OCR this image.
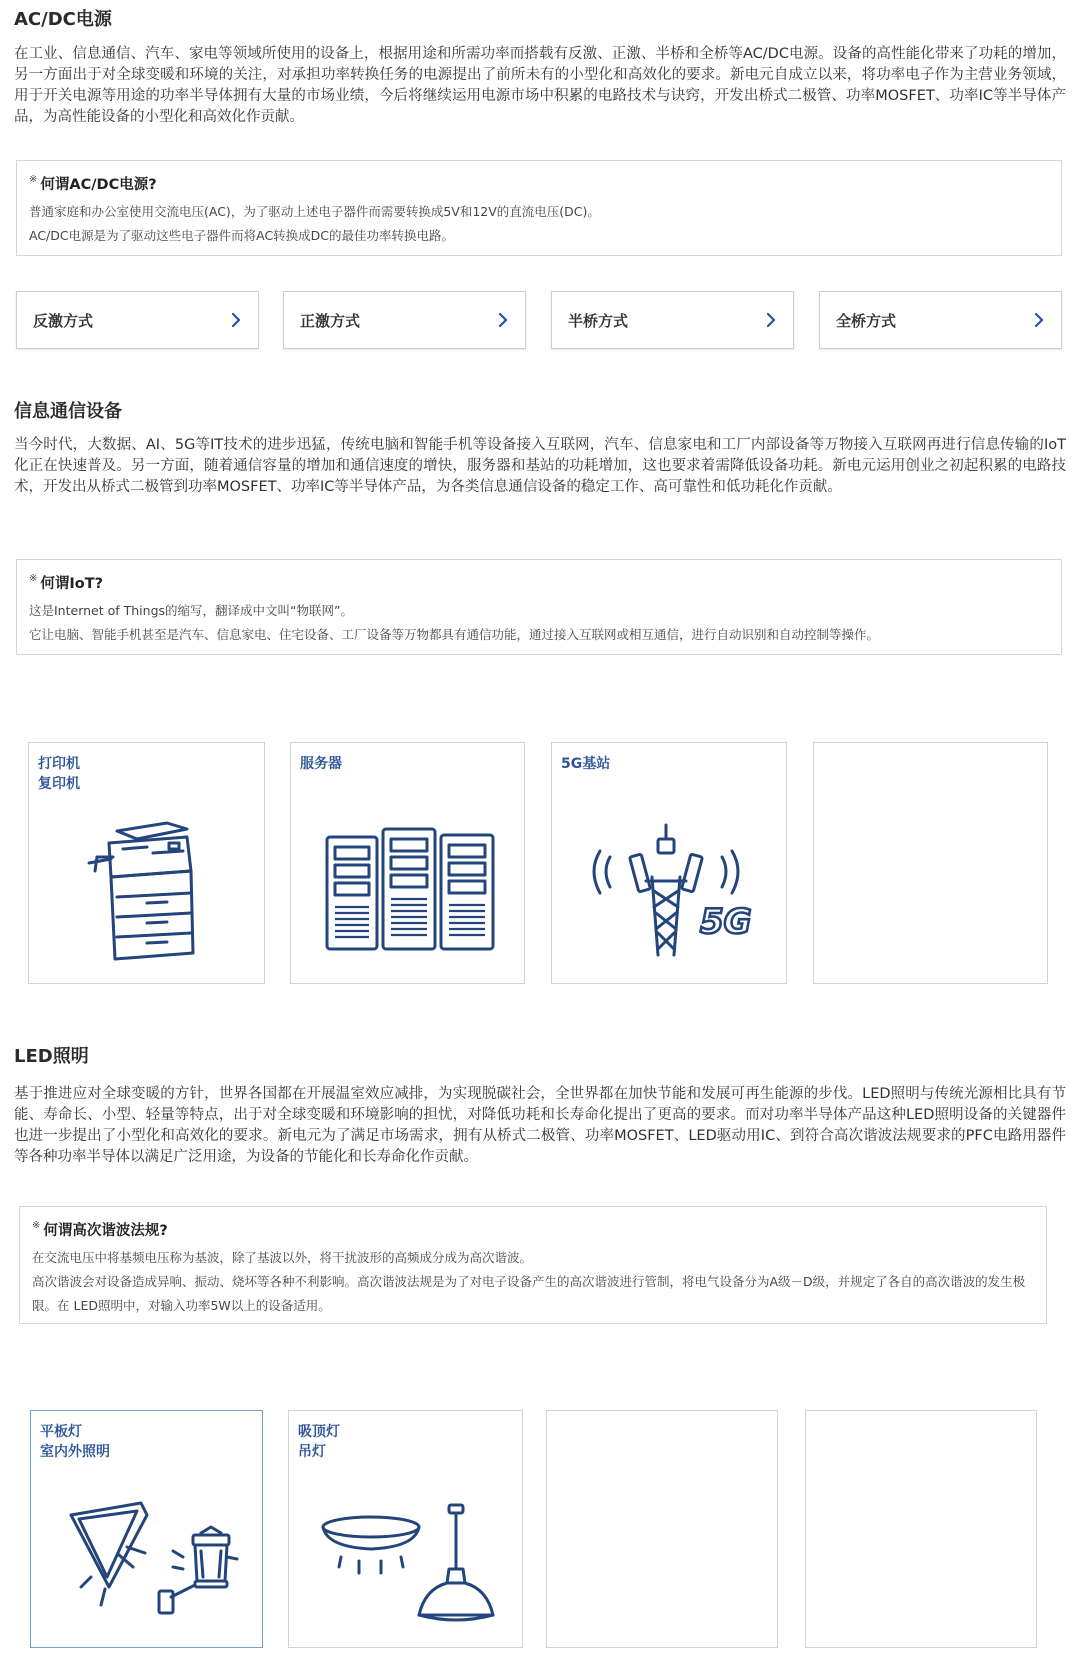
AC/DC电源

在工业、信息通信、汽车、家电等领域所使用的设备上，根据用途和所需功率而搭载有反激、正激、半桥和全桥等AC/DC电源。设备的高性能化带来了功耗的增加，另一方面出于对全球变暖和环境的关注，对承担功率转换任务的电源提出了前所未有的小型化和高效化的要求。新电元自成立以来，将功率电子作为主营业务领域，用于开关电源等用途的功率半导体拥有大量的市场业绩，今后将继续运用电源市场中积累的电路技术与诀窍，开发出桥式二极管、功率MOSFET、功率IC等半导体产品，为高性能设备的小型化和高效化作贡献。

※ 何谓AC/DC电源?

普通家庭和办公室使用交流电压(AC)，为了驱动上述电子器件而需要转换成5V和12V的直流电压(DC)。

AC/DC电源是为了驱动这些电子器件而将AC转换成DC的最佳功率转换电路。

反激方式	正激方式	半桥方式	全桥方式
信息通信设备

当今时代，大数据、AI、5G等IT技术的进步迅猛，传统电脑和智能手机等设备接入互联网，汽车、信息家电和工厂内部设备等万物接入互联网再进行信息传输的IoT化正在快速普及。另一方面，随着通信容量的增加和通信速度的增快，服务器和基站的功耗增加，这也要求着需降低设备功耗。新电元运用创业之初起积累的电路技术，开发出从桥式二极管到功率MOSFET、功率IC等半导体产品，为各类信息通信设备的稳定工作、高可靠性和低功耗化作贡献。

※ 何谓IoT?

这是Internet of Things的缩写，翻译成中文叫“物联网”。

它让电脑、智能手机甚至是汽车、信息家电、住宅设备、工厂设备等万物都具有通信功能，通过接入互联网或相互通信，进行自动识别和自动控制等操作。

打印机
复印机
服务器	5G基站
5G
LED照明

基于推进应对全球变暖的方针，世界各国都在开展温室效应减排，为实现脱碳社会，全世界都在加快节能和发展可再生能源的步伐。LED照明与传统光源相比具有节能、寿命长、小型、轻量等特点，出于对全球变暖和环境影响的担忧，对降低功耗和长寿命化提出了更高的要求。而对功率半导体产品这种LED照明设备的关键器件也进一步提出了小型化和高效化的要求。新电元为了满足市场需求，拥有从桥式二极管、功率MOSFET、LED驱动用IC、到符合高次谐波法规要求的PFC电路用器件等各种功率半导体以满足广泛用途，为设备的节能化和长寿命化作贡献。

※ 何谓高次谐波法规?

在交流电压中将基频电压称为基波，除了基波以外，将干扰波形的高频成分成为高次谐波。

高次谐波会对设备造成异响、振动、烧坏等各种不利影响。高次谐波法规是为了对电子设备产生的高次谐波进行管制，将电气设备分为A级－D级，并规定了各自的高次谐波的发生极限。在 LED照明中，对输入功率5W以上的设备适用。

平板灯
室内外照明
吸顶灯
吊灯
